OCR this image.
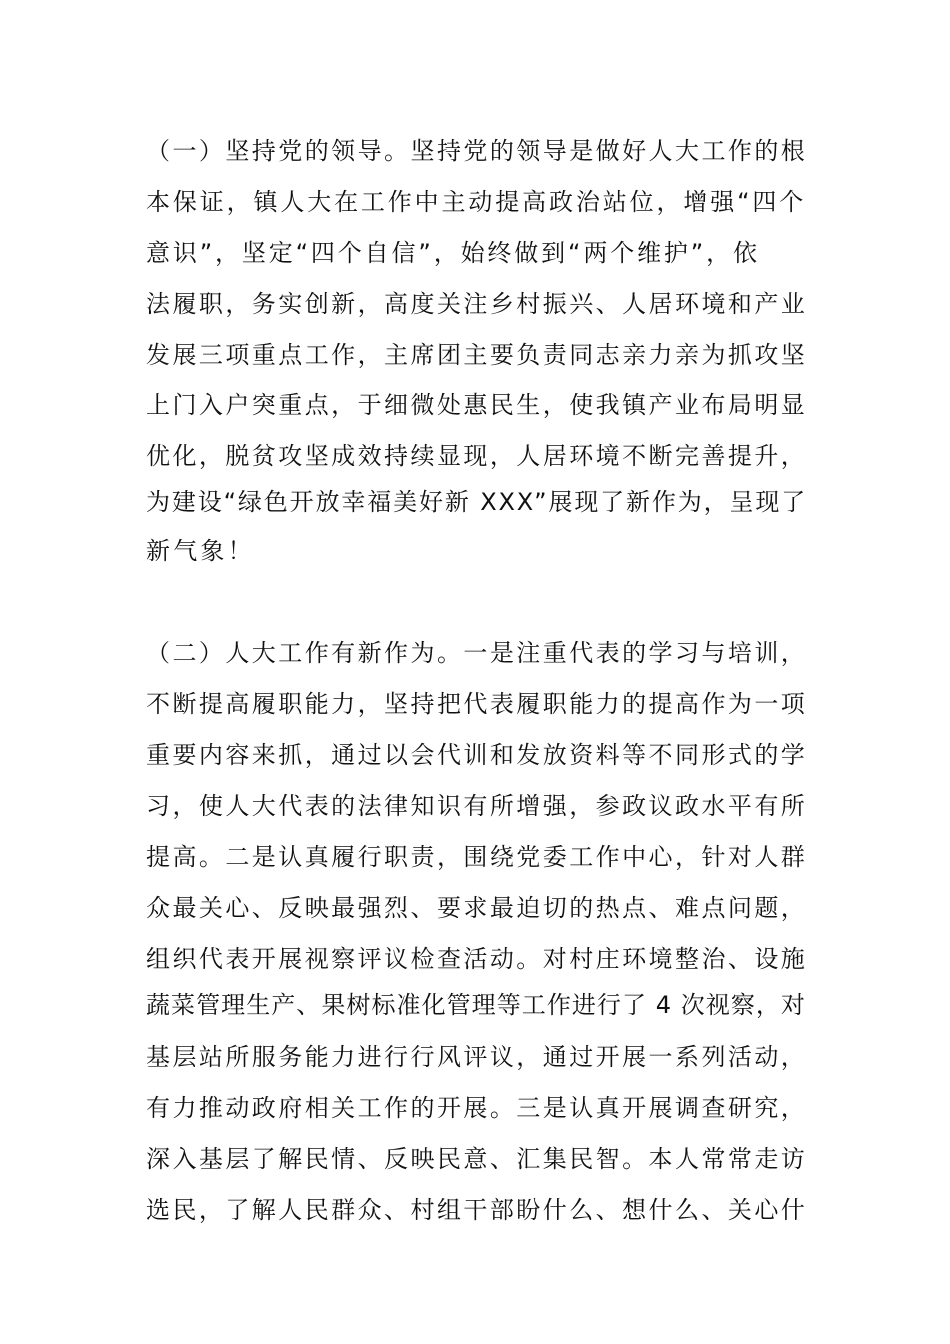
（一）坚持党的领导。坚持党的领导是做好人大工作的根

本保证，镇人大在工作中主动提高政治站位，增强“四个

意识”，坚定“四个自信”，始终做到“两个维护”，依

法履职，务实创新，高度关注乡村振兴、人居环境和产业

发展三项重点工作，主席团主要负责同志亲力亲为抓攻坚

上门入户突重点，于细微处惠民生，使我镇产业布局明显

优化，脱贫攻坚成效持续显现，人居环境不断完善提升，

为建设“绿色开放幸福美好新 XXX”展现了新作为，呈现了

新气象！

（二）人大工作有新作为。一是注重代表的学习与培训，

不断提高履职能力，坚持把代表履职能力的提高作为一项

重要内容来抓，通过以会代训和发放资料等不同形式的学

习，使人大代表的法律知识有所增强，参政议政水平有所

提高。二是认真履行职责，围绕党委工作中心，针对人群

众最关心、反映最强烈、要求最迫切的热点、难点问题，

组织代表开展视察评议检查活动。对村庄环境整治、设施

蔬菜管理生产、果树标准化管理等工作进行了 4 次视察，对

基层站所服务能力进行行风评议，通过开展一系列活动，

有力推动政府相关工作的开展。三是认真开展调查研究，

深入基层了解民情、反映民意、汇集民智。本人常常走访

选民，了解人民群众、村组干部盼什么、想什么、关心什
